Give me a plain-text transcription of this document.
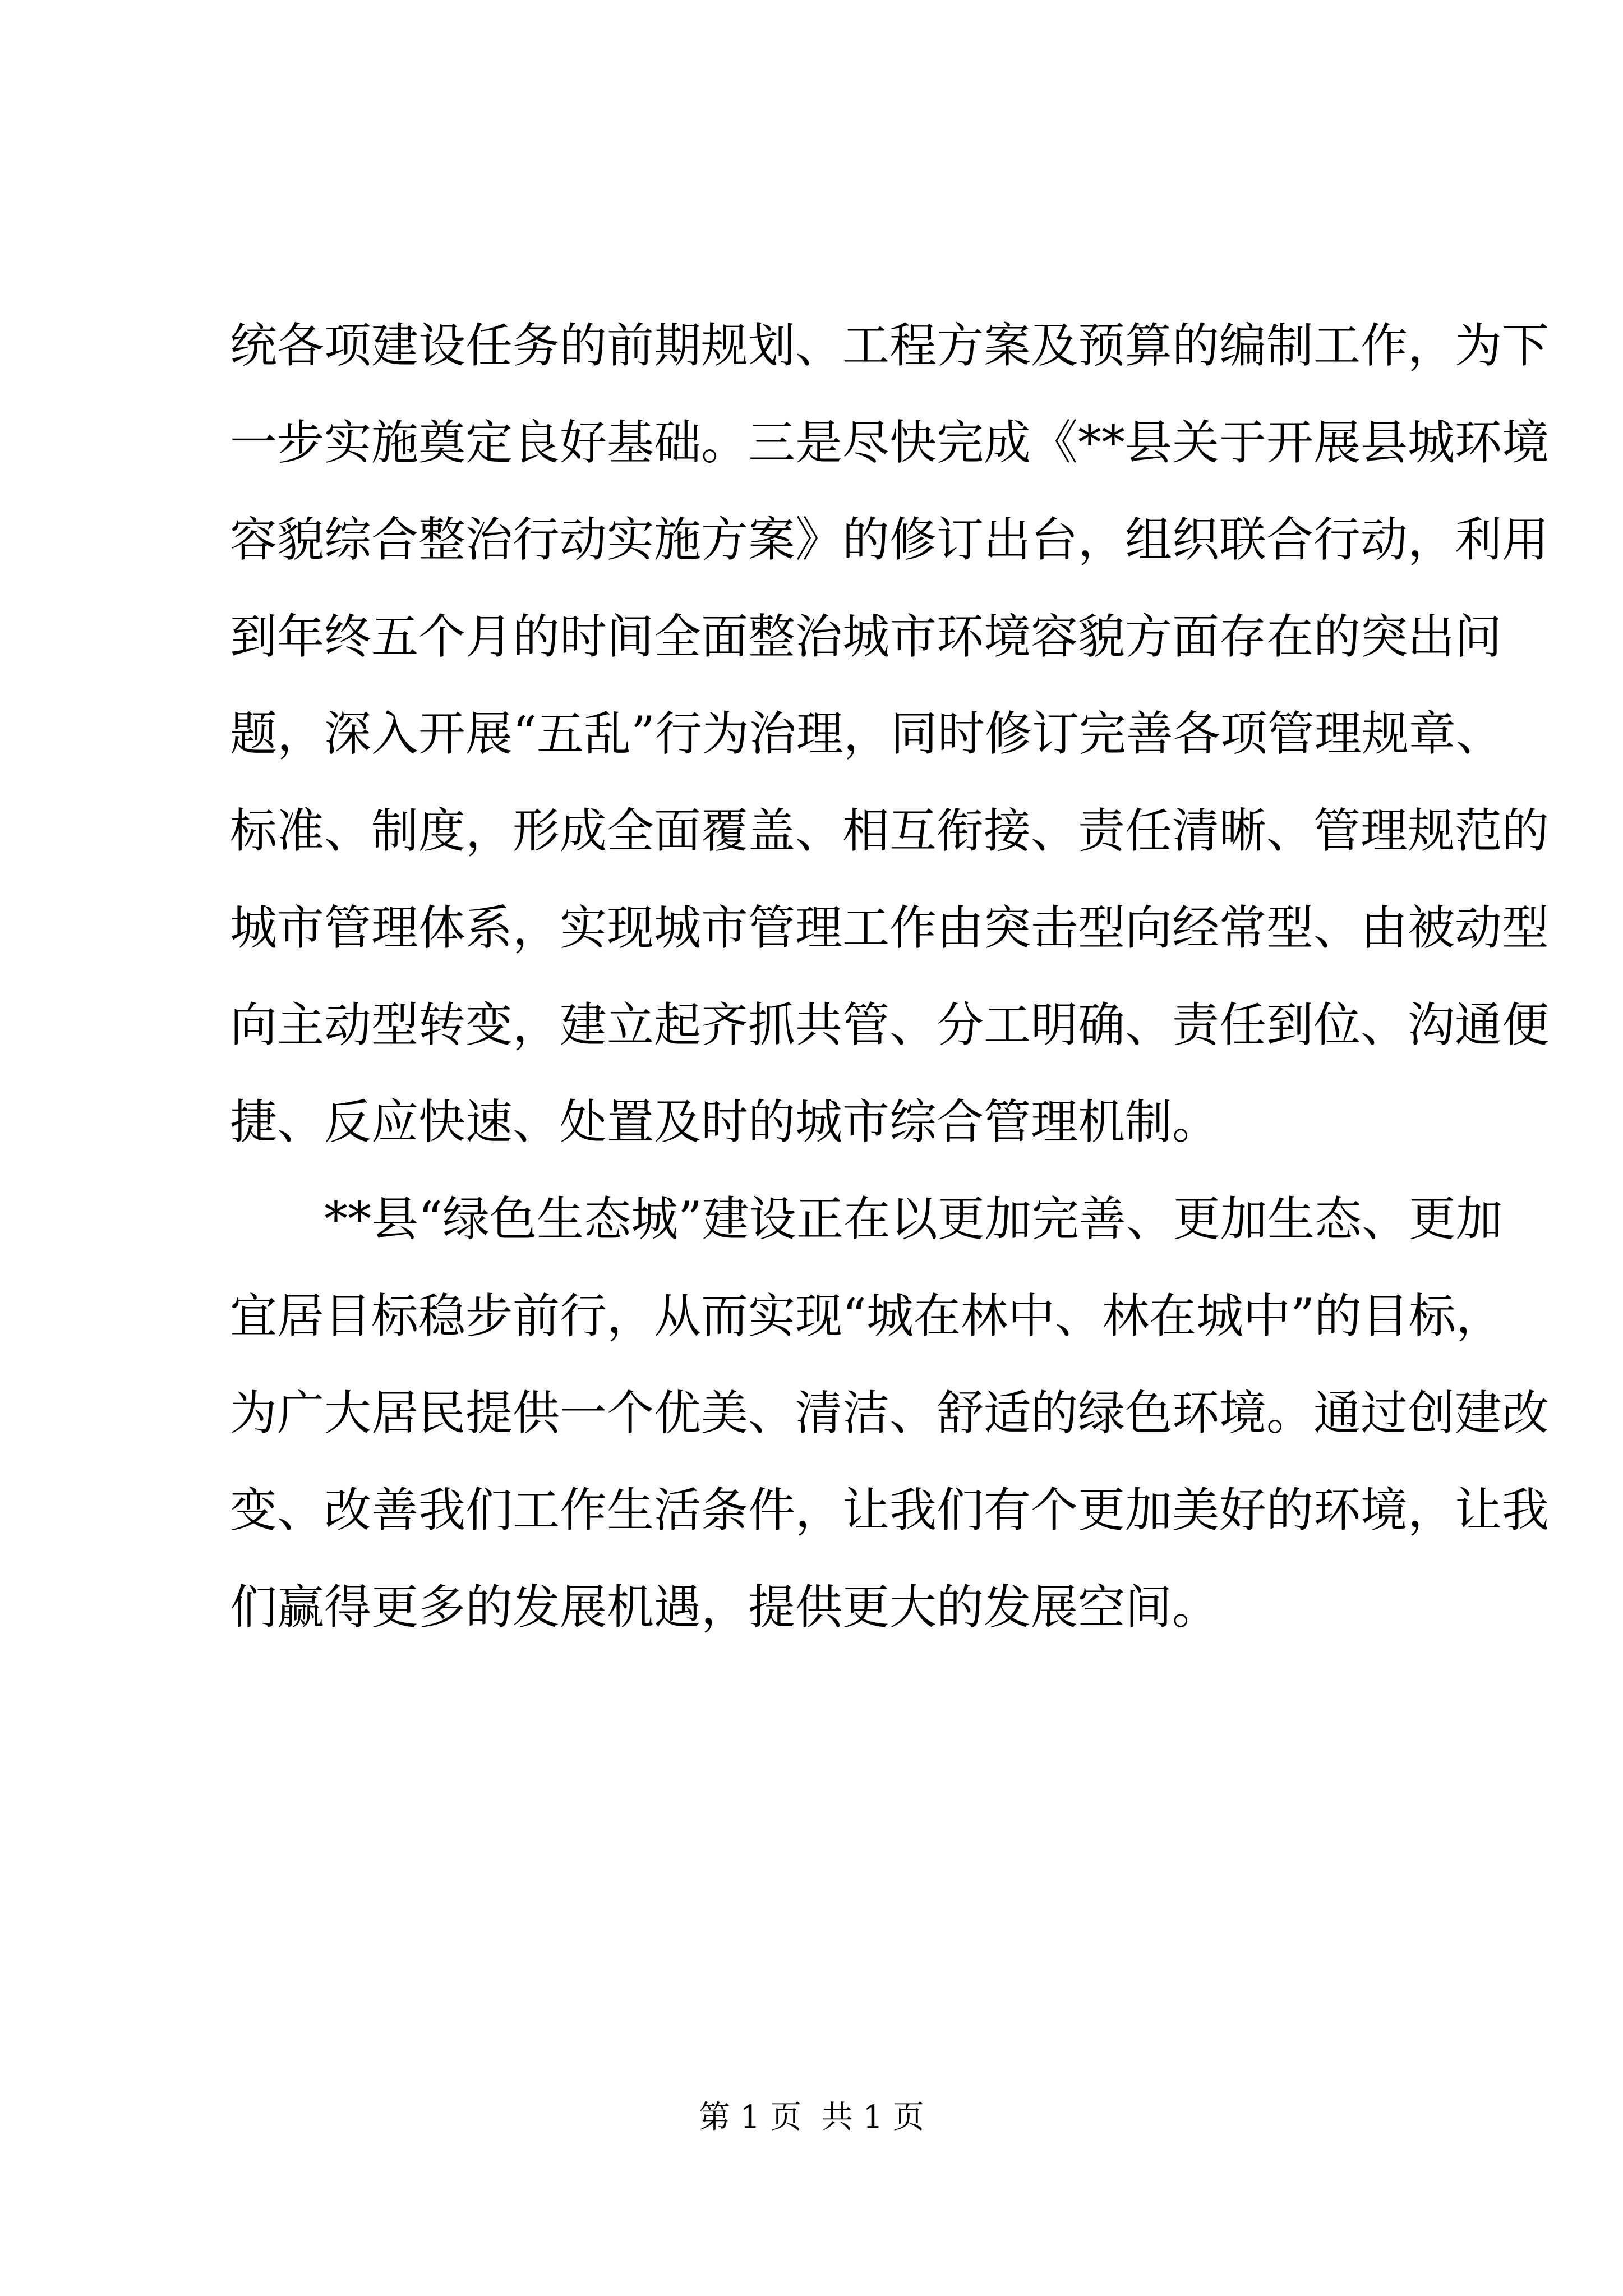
统各项建设任务的前期规划、工程方案及预算的编制工作，为下
一步实施奠定良好基础。三是尽快完成《**县关于开展县城环境
容貌综合整治行动实施方案》的修订出台，组织联合行动，利用
到年终五个月的时间全面整治城市环境容貌方面存在的突出问
题，深入开展“五乱”行为治理，同时修订完善各项管理规章、
标准、制度，形成全面覆盖、相互衔接、责任清晰、管理规范的
城市管理体系，实现城市管理工作由突击型向经常型、由被动型
向主动型转变，建立起齐抓共管、分工明确、责任到位、沟通便
捷、反应快速、处置及时的城市综合管理机制。
**县“绿色生态城”建设正在以更加完善、更加生态、更加
宜居目标稳步前行，从而实现“城在林中、林在城中”的目标，
为广大居民提供一个优美、清洁、舒适的绿色环境。通过创建改
变、改善我们工作生活条件，让我们有个更加美好的环境，让我
们赢得更多的发展机遇，提供更大的发展空间。
第 1 页  共 1 页
